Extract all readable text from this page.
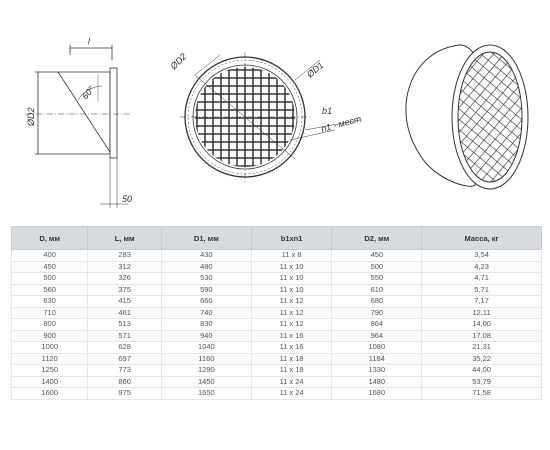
l
60°
ØD2
50
ØD2	ØD1
b1
n1 - мест
D, мм	L, мм	D1, мм	b1xn1	D2, мм	Масса, кг
400	283	430	11 х 8	450	3,54
450	312	480	11 х 10	500	4,23
500	326	530	11 х 10	550	4,71
560	375	590	11 х 10	610	5,71
630	415	660	11 х 12	680	7,17
710	461	740	11 х 12	790	12,11
800	513	830	11 х 12	864	14,00
900	571	940	11 х 16	964	17,08
1000	628	1040	11 х 16	1080	21,31
1120	697	1160	11 х 18	1184	35,22
1250	773	1290	11 х 18	1330	44,00
1400	860	1450	11 х 24	1480	53,79
1600	975	1650	11 х 24	1680	71,58
